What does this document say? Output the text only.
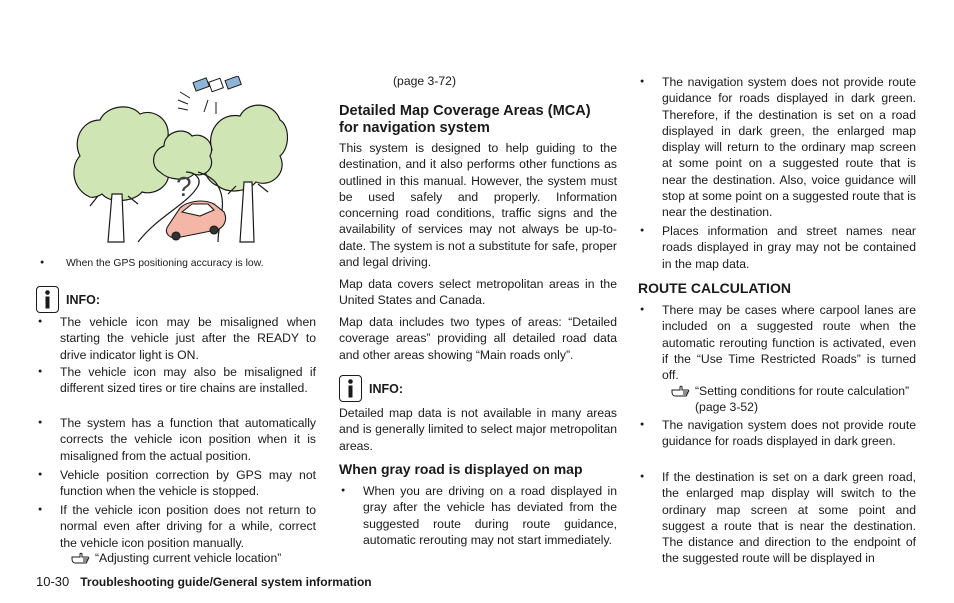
?
● When the GPS positioning accuracy is low.
INFO:

● The vehicle icon may be misaligned when starting the vehicle just after the READY to drive indicator light is ON.

● The vehicle icon may also be misaligned if different sized tires or tire chains are installed.

● The system has a function that automatically corrects the vehicle icon position when it is misaligned from the actual position.

● Vehicle position correction by GPS may not function when the vehicle is stopped.

● If the vehicle icon position does not return to normal even after driving for a while, correct the vehicle icon position manually.

“Adjusting current vehicle location”

(page 3-72)

Detailed Map Coverage Areas (MCA) for navigation system

This system is designed to help guiding to the destination, and it also performs other functions as outlined in this manual. However, the system must be used safely and properly. Information concerning road conditions, traffic signs and the availability of services may not always be up-to-date. The system is not a substitute for safe, proper and legal driving.

Map data covers select metropolitan areas in the United States and Canada.

Map data includes two types of areas: “Detailed coverage areas” providing all detailed road data and other areas showing “Main roads only”.

INFO:

Detailed map data is not available in many areas and is generally limited to select major metropolitan areas.

When gray road is displayed on map

● When you are driving on a road displayed in gray after the vehicle has deviated from the suggested route during route guidance, automatic rerouting may not start immediately.

● The navigation system does not provide route guidance for roads displayed in dark green. Therefore, if the destination is set on a road displayed in dark green, the enlarged map display will return to the ordinary map screen at some point on a suggested route that is near the destination. Also, voice guidance will stop at some point on a suggested route that is near the destination.

● Places information and street names near roads displayed in gray may not be contained in the map data.

ROUTE CALCULATION

● There may be cases where carpool lanes are included on a suggested route when the automatic rerouting function is activated, even if the “Use Time Restricted Roads” is turned off.

“Setting conditions for route calculation” (page 3-52)

● The navigation system does not provide route guidance for roads displayed in dark green.

● If the destination is set on a dark green road, the enlarged map display will switch to the ordinary map screen at some point and suggest a route that is near the destination. The distance and direction to the endpoint of the suggested route will be displayed in

10-30 Troubleshooting guide/General system information
